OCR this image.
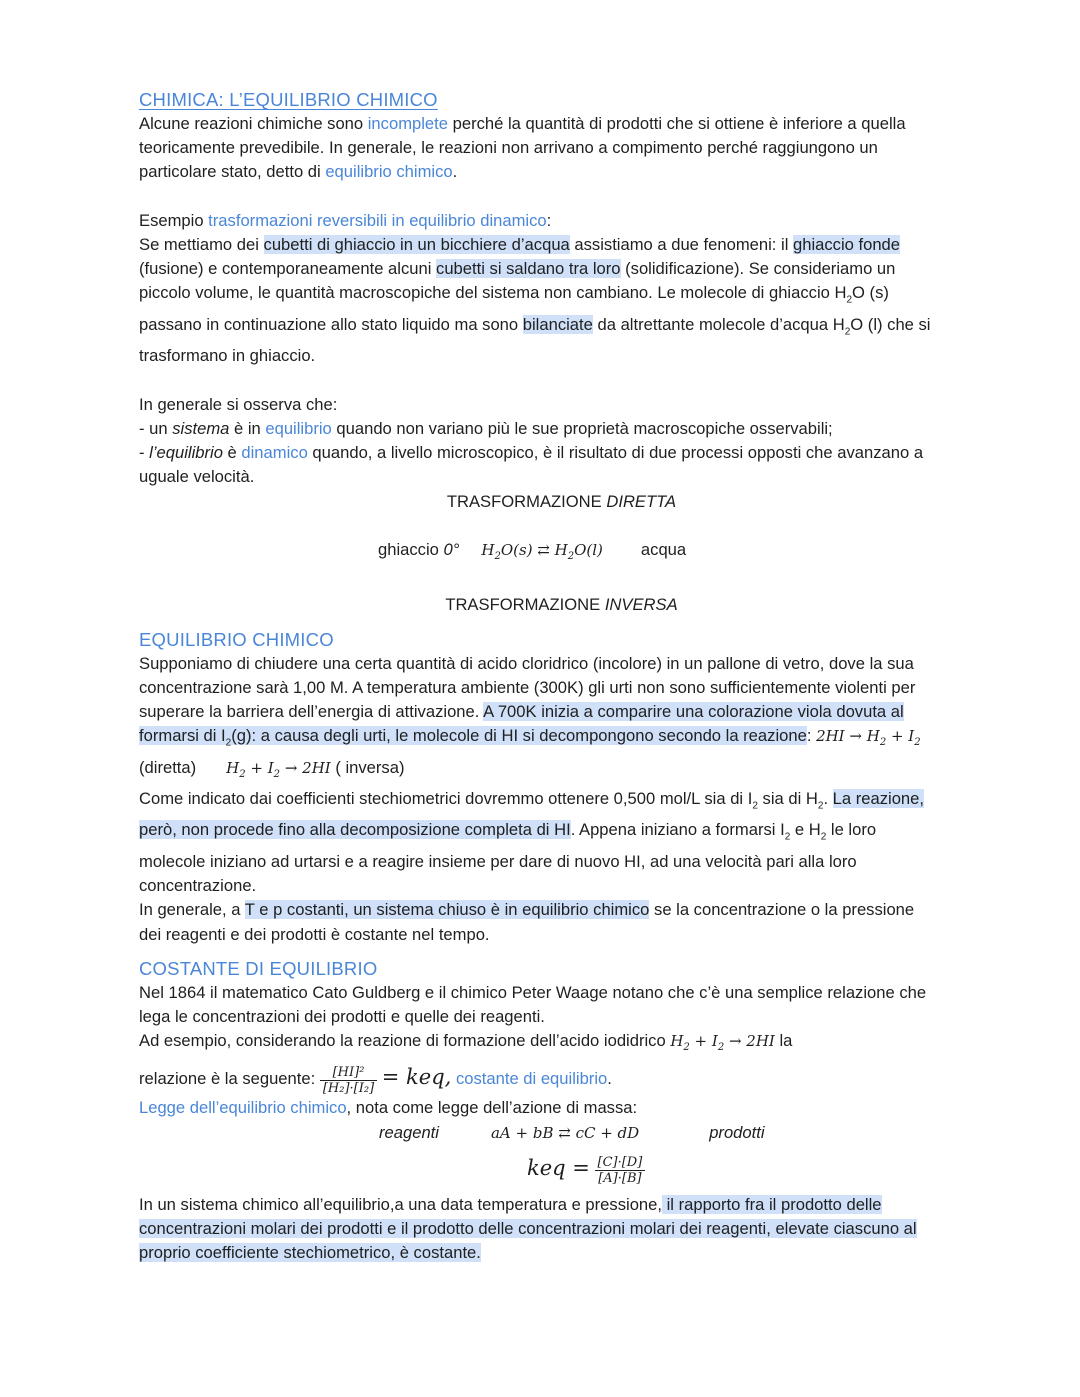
CHIMICA: L’EQUILIBRIO CHIMICO

Alcune reazioni chimiche sono incomplete perché la quantità di prodotti che si ottiene è inferiore a quella teoricamente prevedibile. In generale, le reazioni non arrivano a compimento perché raggiungono un particolare stato, detto di equilibrio chimico.

Esempio trasformazioni reversibili in equilibrio dinamico:

Se mettiamo dei cubetti di ghiaccio in un bicchiere d’acqua assistiamo a due fenomeni: il ghiaccio fonde (fusione) e contemporaneamente alcuni cubetti si saldano tra loro (solidificazione). Se consideriamo un piccolo volume, le quantità macroscopiche del sistema non cambiano. Le molecole di ghiaccio $H_2O$ (s) passano in continuazione allo stato liquido ma sono bilanciate da altrettante molecole d’acqua $H_2O$ (l) che si trasformano in ghiaccio.

In generale si osserva che:

- un sistema è in equilibrio quando non variano più le sue proprietà macroscopiche osservabili;

- l’equilibrio è dinamico quando, a livello microscopico, è il risultato di due processi opposti che avanzano a uguale velocità.

TRASFORMAZIONE DIRETTA

ghiaccio 0° $H_2O(s)$ ⇄ $H_2O(l)$ acqua

TRASFORMAZIONE INVERSA

EQUILIBRIO CHIMICO

Supponiamo di chiudere una certa quantità di acido cloridrico (incolore) in un pallone di vetro, dove la sua concentrazione sarà 1,00 M. A temperatura ambiente (300K) gli urti non sono sufficientemente violenti per superare la barriera dell’energia di attivazione. A 700K inizia a comparire una colorazione viola dovuta al formarsi di $I_2(g)$: a causa degli urti, le molecole di HI si decompongono secondo la reazione: $2HI \to H_2 + I_2$ (diretta) $H_2 + I_2 \to 2HI$ ( inversa)
Come indicato dai coefficienti stechiometrici dovremmo ottenere 0,500 mol/L sia di $I_2$ sia di $H_2$. La reazione, però, non procede fino alla decomposizione completa di HI. Appena iniziano a formarsi $I_2$ e $H_2$ le loro molecole iniziano ad urtarsi e a reagire insieme per dare di nuovo HI, ad una velocità pari alla loro concentrazione.
In generale, a T e p costanti, un sistema chiuso è in equilibrio chimico se la concentrazione o la pressione dei reagenti e dei prodotti è costante nel tempo.

COSTANTE DI EQUILIBRIO

Nel 1864 il matematico Cato Guldberg e il chimico Peter Waage notano che c’è una semplice relazione che lega le concentrazioni dei prodotti e quelle dei reagenti.
Ad esempio, considerando la reazione di formazione dell’acido iodidrico $H_2 + I_2 \to 2HI$ la

relazione è la seguente: $\frac{\text{[HI]²}}{\text{[H₂]·[I₂]}}$ = keq, costante di equilibrio.

Legge dell’equilibrio chimico, nota come legge dell’azione di massa:

reagenti	aA + bB ⇄ cC + dD	prodotti

keq = $\frac{[C]\cdot[D]}{[A]\cdot[B]}$

In un sistema chimico all’equilibrio,a una data temperatura e pressione, il rapporto fra il prodotto delle concentrazioni molari dei prodotti e il prodotto delle concentrazioni molari dei reagenti, elevate ciascuno al proprio coefficiente stechiometrico, è costante.
